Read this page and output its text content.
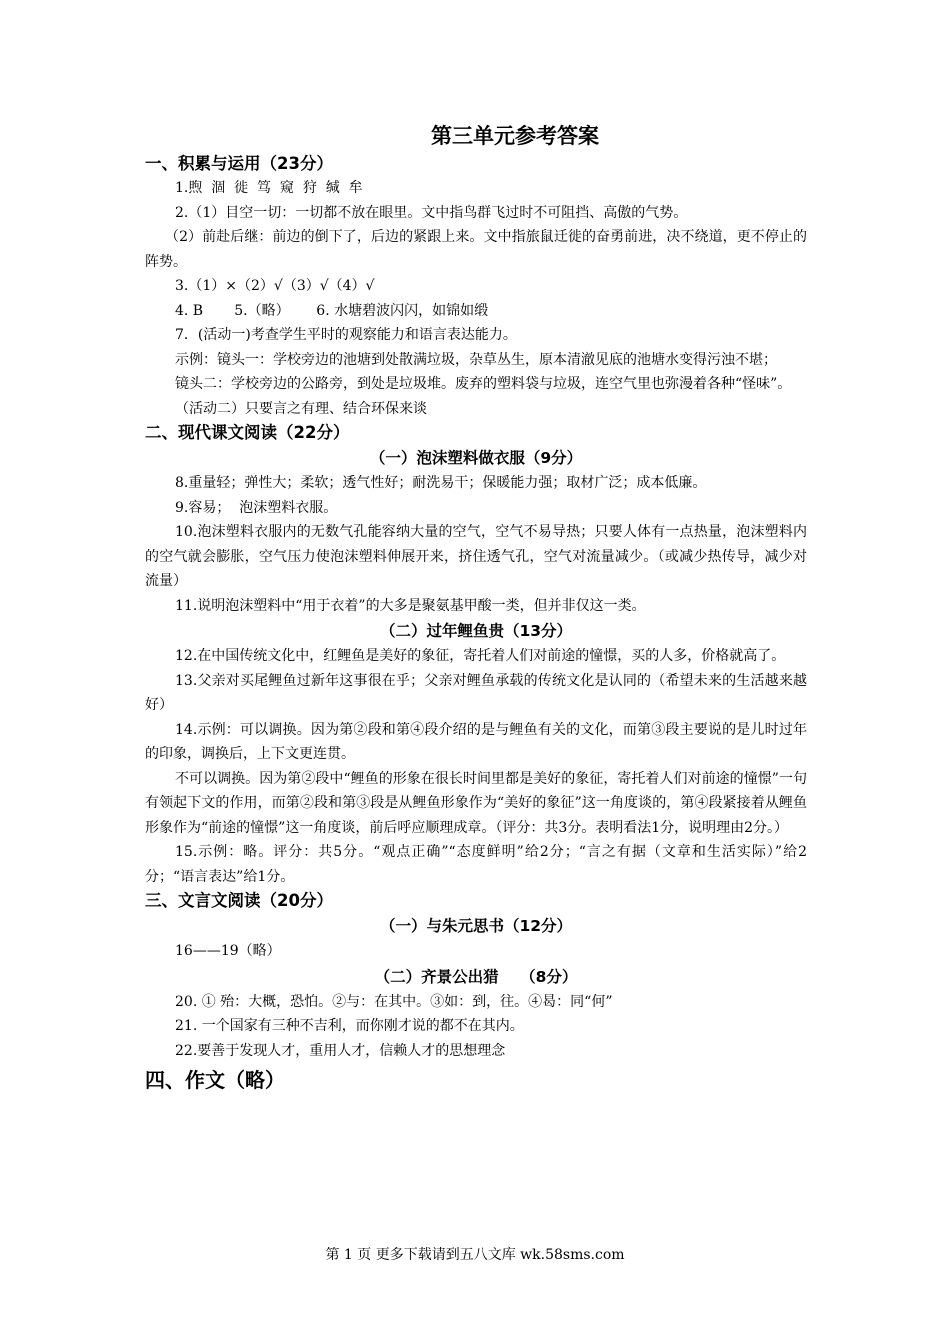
第三单元参考答案

一、积累与运用（23分）

1.煦  涸  徙  笃  窥  狩  缄  牟

2.（1）目空一切：一切都不放在眼里。文中指鸟群飞过时不可阻挡、高傲的气势。

（2）前赴后继：前边的倒下了，后边的紧跟上来。文中指旅鼠迁徙的奋勇前进，决不绕道，更不停止的阵势。

3.（1）×（2）√（3）√（4）√

4. B       5.（略）      6. 水塘碧波闪闪，如锦如缎

7．(活动一)考查学生平时的观察能力和语言表达能力。

示例：镜头一：学校旁边的池塘到处散满垃圾，杂草丛生，原本清澈见底的池塘水变得污浊不堪；

镜头二：学校旁边的公路旁，到处是垃圾堆。废弃的塑料袋与垃圾，连空气里也弥漫着各种“怪味”。

（活动二）只要言之有理、结合环保来谈

二、现代课文阅读（22分）

（一）泡沫塑料做衣服（9分）

8.重量轻；弹性大；柔软；透气性好；耐洗易干；保暖能力强；取材广泛；成本低廉。

9.容易；  泡沫塑料衣服。

10.泡沫塑料衣服内的无数气孔能容纳大量的空气，空气不易导热；只要人体有一点热量，泡沫塑料内的空气就会膨胀，空气压力使泡沫塑料伸展开来，挤住透气孔，空气对流量减少。（或减少热传导，减少对流量）

11.说明泡沫塑料中“用于衣着”的大多是聚氨基甲酸一类，但并非仅这一类。

（二）过年鲤鱼贵（13分）

12.在中国传统文化中，红鲤鱼是美好的象征，寄托着人们对前途的憧憬，买的人多，价格就高了。

13.父亲对买尾鲤鱼过新年这事很在乎；父亲对鲤鱼承载的传统文化是认同的（希望未来的生活越来越好）

14.示例：可以调换。因为第②段和第④段介绍的是与鲤鱼有关的文化，而第③段主要说的是儿时过年的印象，调换后，上下文更连贯。

不可以调换。因为第②段中“鲤鱼的形象在很长时间里都是美好的象征，寄托着人们对前途的憧憬”一句有领起下文的作用，而第②段和第③段是从鲤鱼形象作为“美好的象征”这一角度谈的，第④段紧接着从鲤鱼形象作为“前途的憧憬”这一角度谈，前后呼应顺理成章。（评分：共3分。表明看法1分，说明理由2分。）

15.示例：略。评分：共5分。“观点正确”“态度鲜明”给2分；“言之有据（文章和生活实际）”给2分；“语言表达”给1分。

三、文言文阅读（20分）

（一）与朱元思书（12分）

16——19（略）

（二）齐景公出猎    （8分）

20. ① 殆：大概，恐怕。②与：在其中。③如：到，往。④曷：同“何”

21. 一个国家有三种不吉利，而你刚才说的都不在其内。

22.要善于发现人才，重用人才，信赖人才的思想理念

四、作文（略）

第 1 页 更多下载请到五八文库 wk.58sms.com
